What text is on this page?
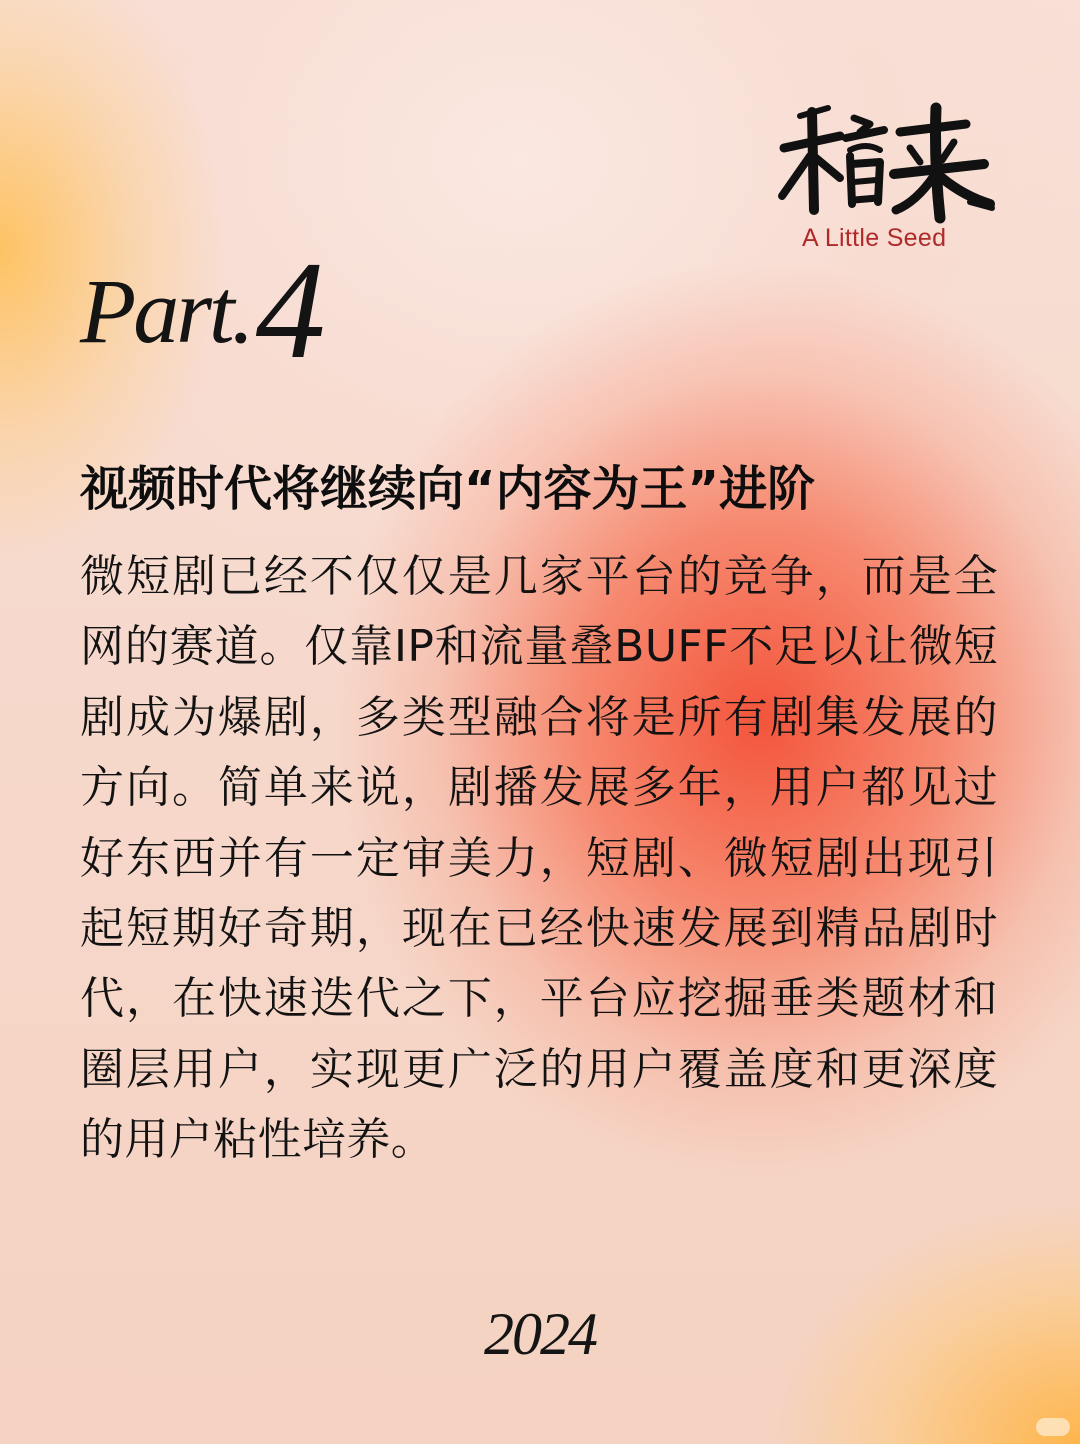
A Little Seed
Part.4
视频时代将继续向“内容为王”进阶
微短剧已经不仅仅是几家平台的竞争，而是全网的赛道。仅靠IP和流量叠BUFF不足以让微短剧成为爆剧，多类型融合将是所有剧集发展的方向。简单来说，剧播发展多年，用户都见过好东西并有一定审美力，短剧、微短剧出现引起短期好奇期，现在已经快速发展到精品剧时代，在快速迭代之下，平台应挖掘垂类题材和圈层用户，实现更广泛的用户覆盖度和更深度的用户粘性培养。
2024
